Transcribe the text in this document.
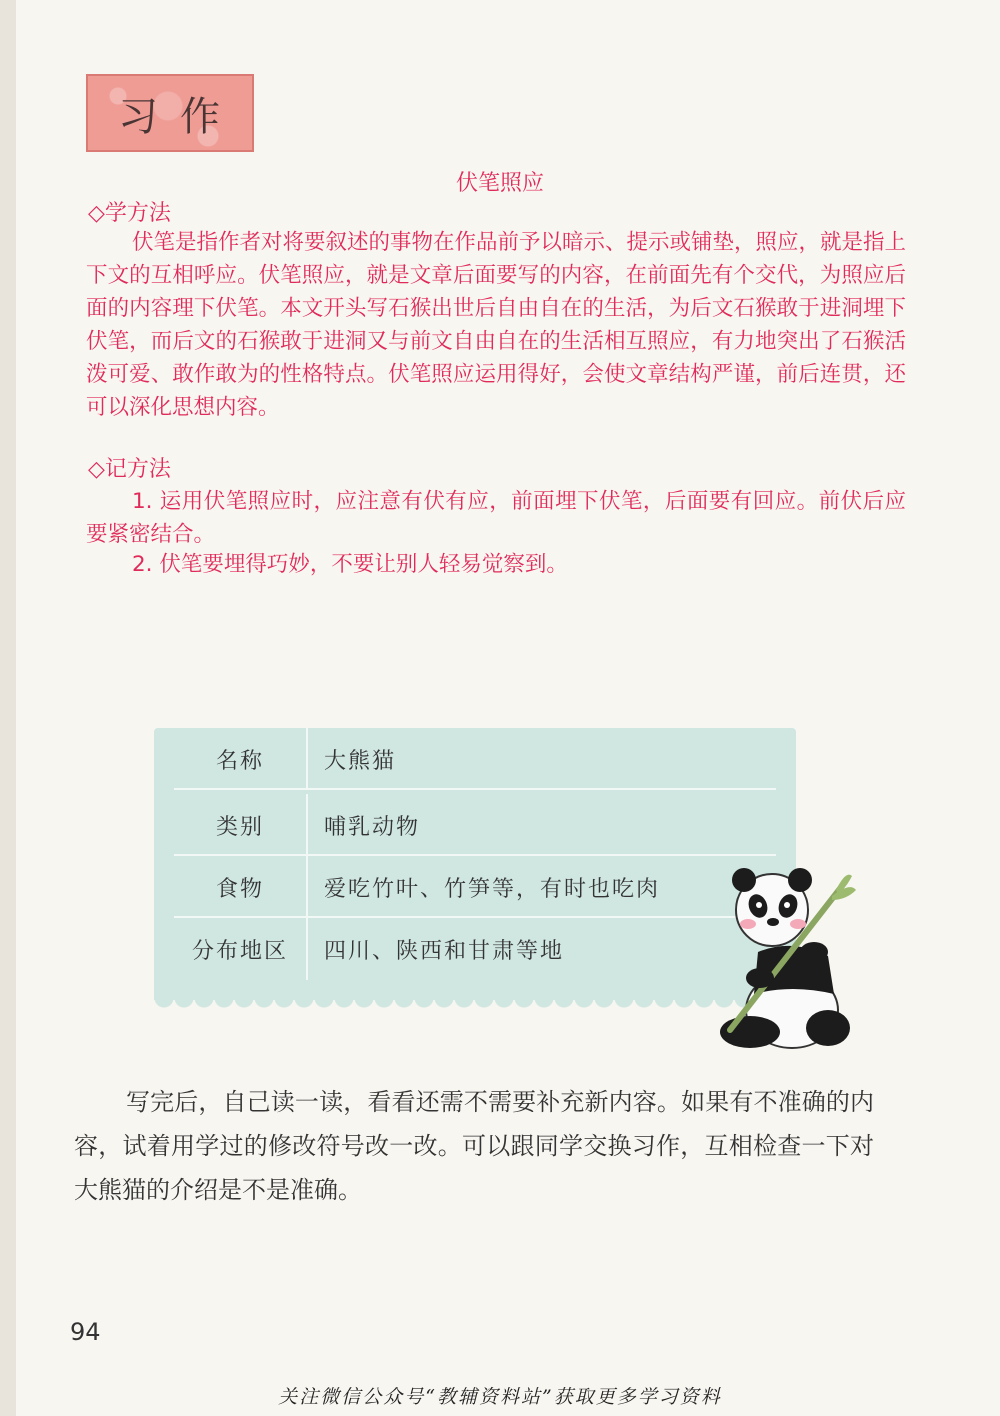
习作
伏笔照应
◇学方法
伏笔是指作者对将要叙述的事物在作品前予以暗示、提示或铺垫，照应，就是指上下文的互相呼应。伏笔照应，就是文章后面要写的内容，在前面先有个交代，为照应后面的内容理下伏笔。本文开头写石猴出世后自由自在的生活，为后文石猴敢于进洞埋下伏笔，而后文的石猴敢于进洞又与前文自由自在的生活相互照应，有力地突出了石猴活泼可爱、敢作敢为的性格特点。伏笔照应运用得好，会使文章结构严谨，前后连贯，还可以深化思想内容。
◇记方法
1. 运用伏笔照应时，应注意有伏有应，前面埋下伏笔，后面要有回应。前伏后应要紧密结合。
2. 伏笔要埋得巧妙，不要让别人轻易觉察到。
名称	大熊猫
类别	哺乳动物
食物	爱吃竹叶、竹笋等，有时也吃肉
分布地区	四川、陕西和甘肃等地
写完后，自己读一读，看看还需不需要补充新内容。如果有不准确的内容，试着用学过的修改符号改一改。可以跟同学交换习作，互相检查一下对大熊猫的介绍是不是准确。
94
关注微信公众号“教辅资料站”获取更多学习资料
